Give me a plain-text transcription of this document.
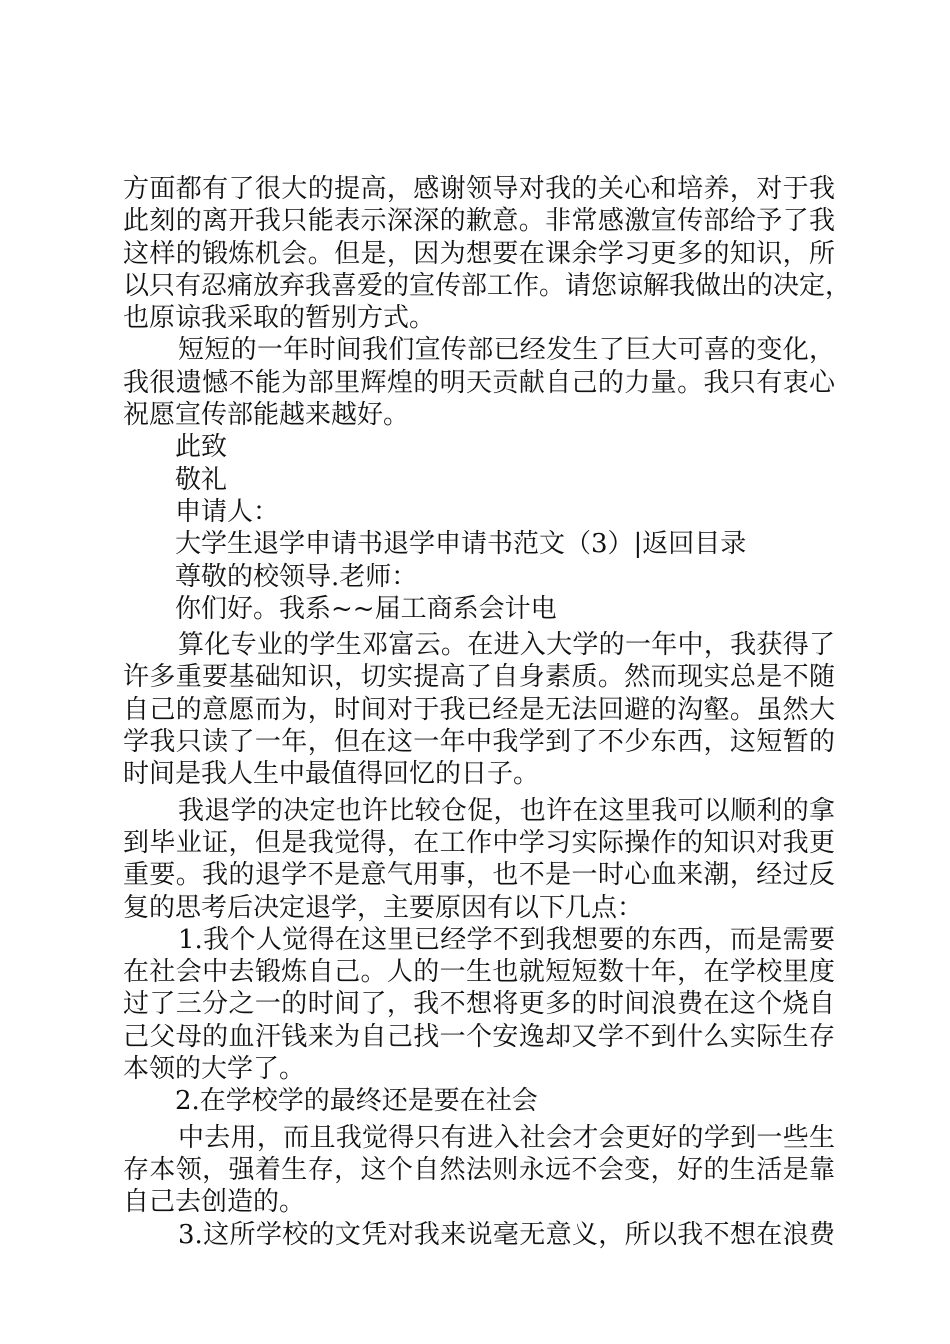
方面都有了很大的提高，感谢领导对我的关心和培养，对于我
此刻的离开我只能表示深深的歉意。非常感激宣传部给予了我
这样的锻炼机会。但是，因为想要在课余学习更多的知识，所
以只有忍痛放弃我喜爱的宣传部工作。请您谅解我做出的决定，
也原谅我采取的暂别方式。
短短的一年时间我们宣传部已经发生了巨大可喜的变化，
我很遗憾不能为部里辉煌的明天贡献自己的力量。我只有衷心
祝愿宣传部能越来越好。
此致
敬礼
申请人：
大学生退学申请书退学申请书范文（3）|返回目录
尊敬的校领导.老师：
你们好。我系~~届工商系会计电
算化专业的学生邓富云。在进入大学的一年中，我获得了
许多重要基础知识，切实提高了自身素质。然而现实总是不随
自己的意愿而为，时间对于我已经是无法回避的沟壑。虽然大
学我只读了一年，但在这一年中我学到了不少东西，这短暂的
时间是我人生中最值得回忆的日子。
我退学的决定也许比较仓促，也许在这里我可以顺利的拿
到毕业证，但是我觉得，在工作中学习实际操作的知识对我更
重要。我的退学不是意气用事，也不是一时心血来潮，经过反
复的思考后决定退学，主要原因有以下几点：
1.我个人觉得在这里已经学不到我想要的东西，而是需要
在社会中去锻炼自己。人的一生也就短短数十年，在学校里度
过了三分之一的时间了，我不想将更多的时间浪费在这个烧自
己父母的血汗钱来为自己找一个安逸却又学不到什么实际生存
本领的大学了。
2.在学校学的最终还是要在社会
中去用，而且我觉得只有进入社会才会更好的学到一些生
存本领，强着生存，这个自然法则永远不会变，好的生活是靠
自己去创造的。
3.这所学校的文凭对我来说毫无意义，所以我不想在浪费
